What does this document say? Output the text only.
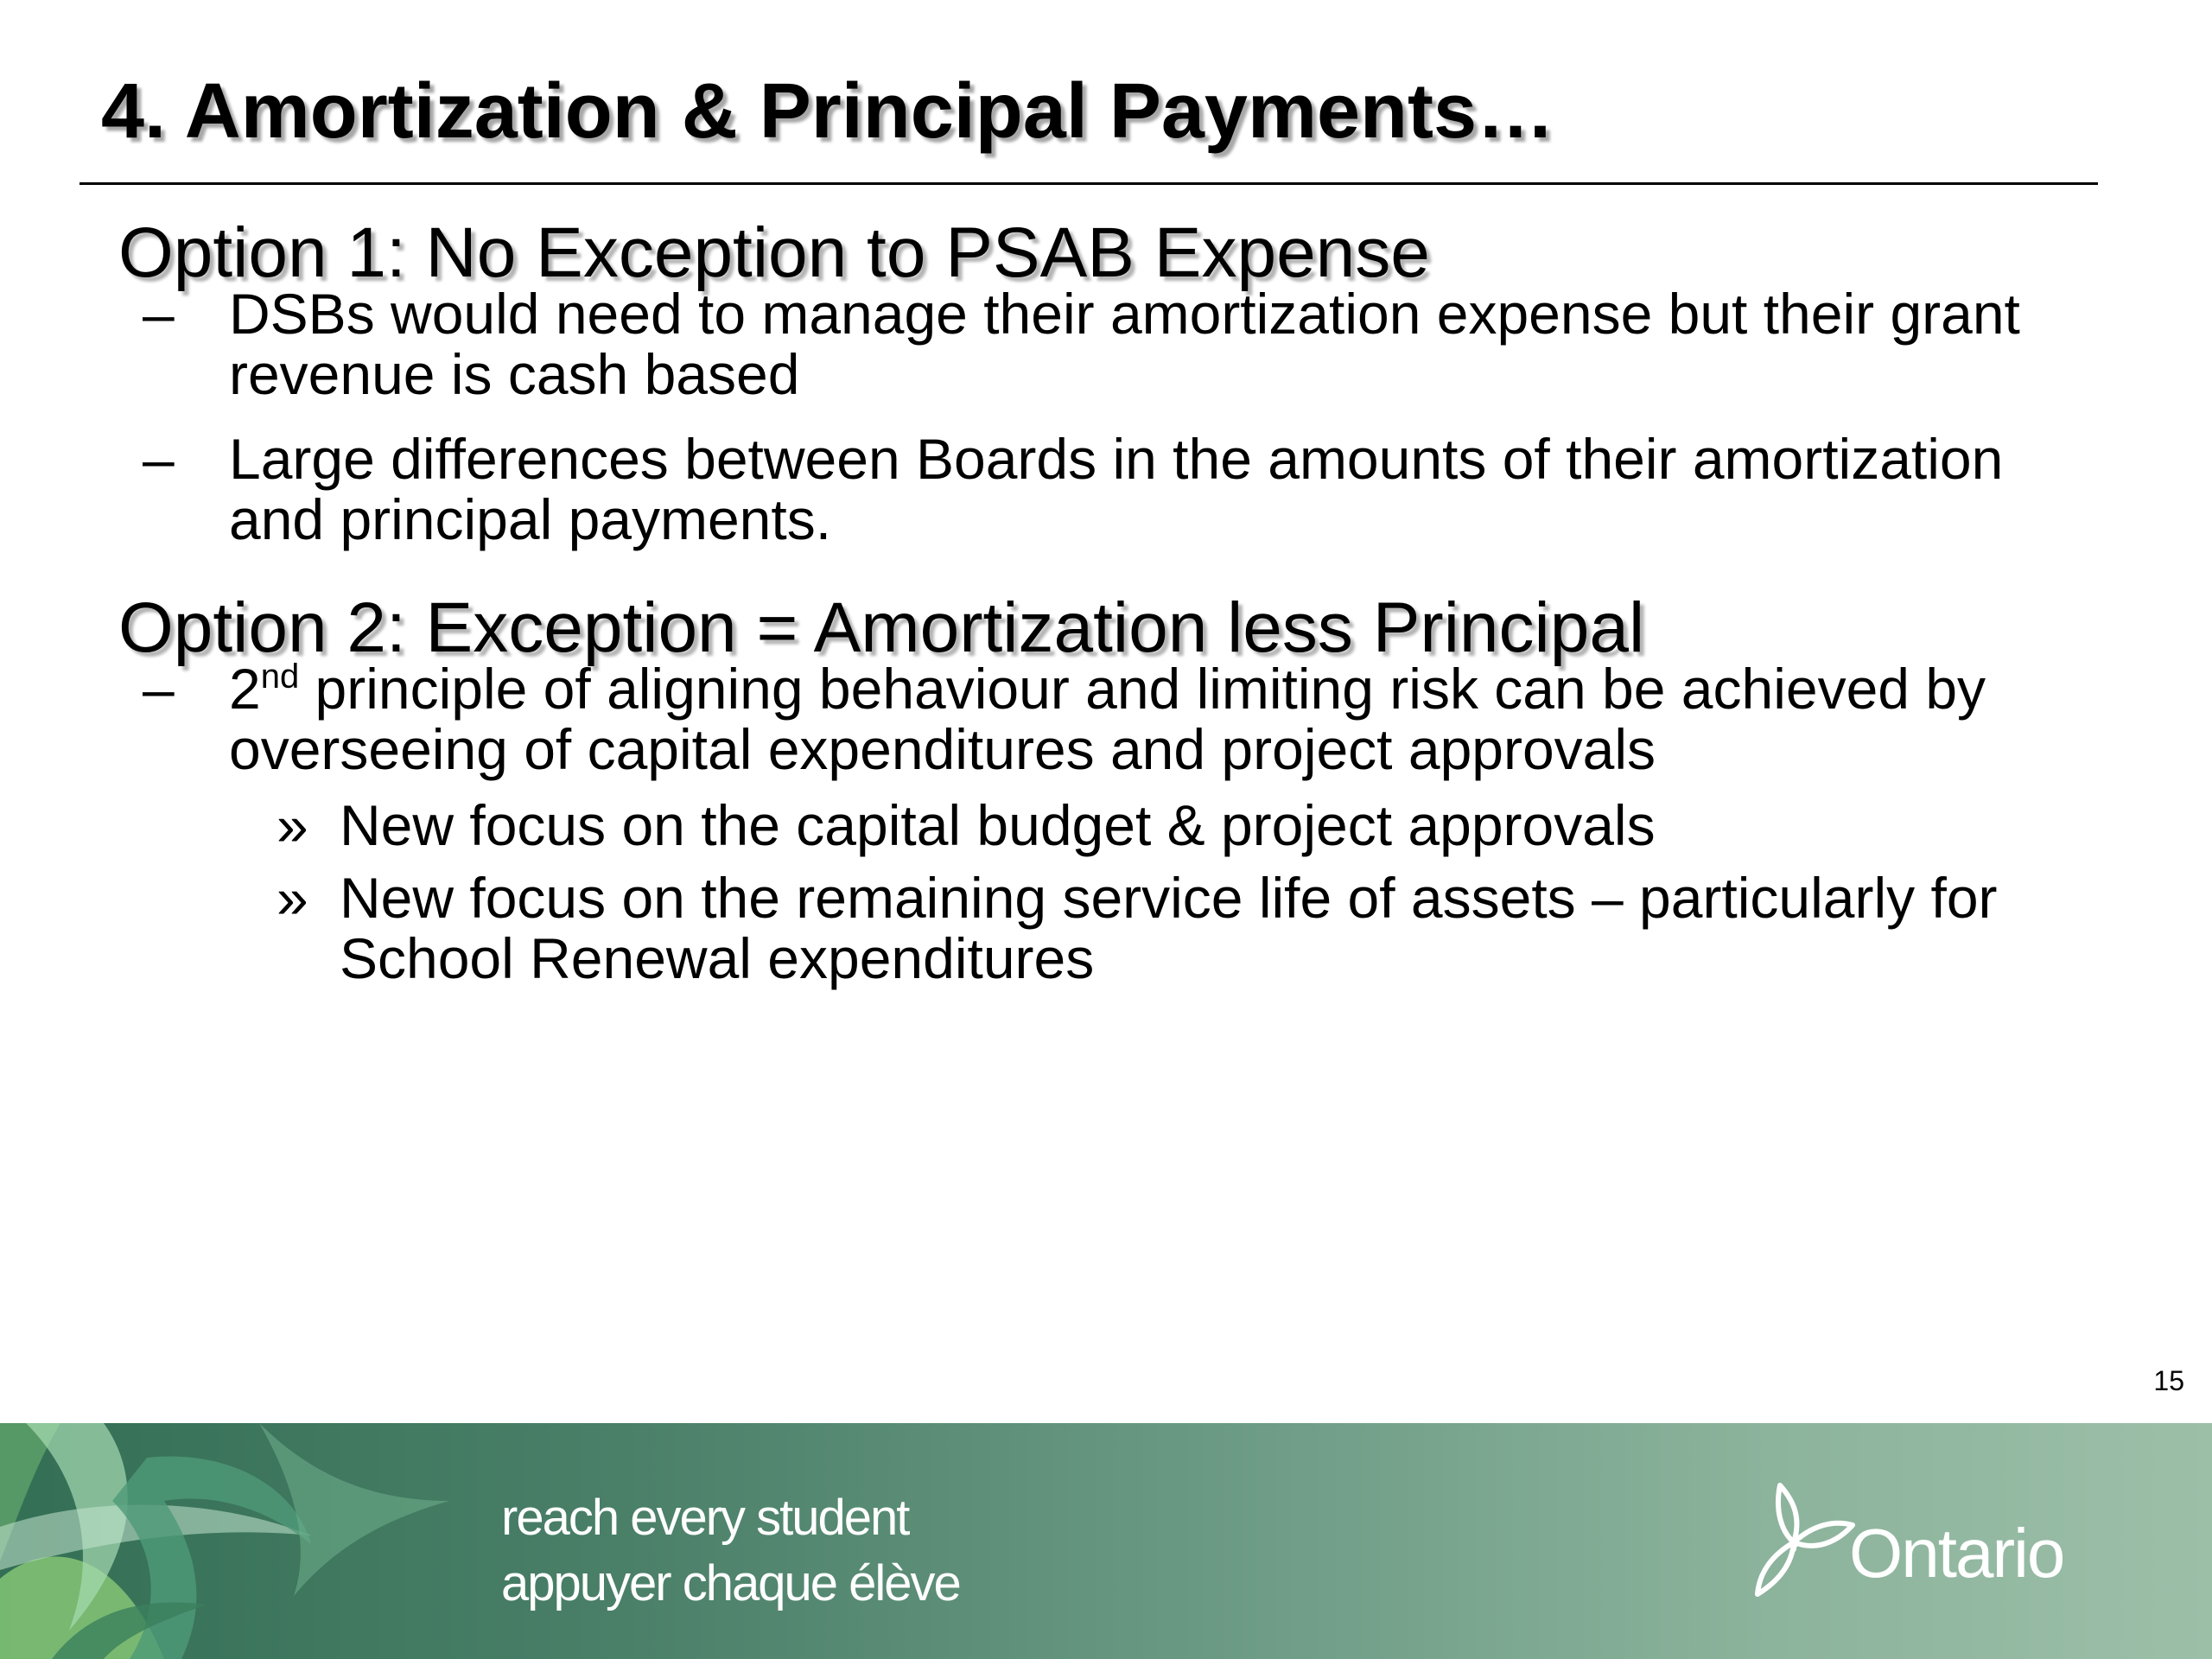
4. Amortization & Principal Payments…
Option 1: No Exception to PSAB Expense
– DSBs would need to manage their amortization expense but their grant revenue is cash based
– Large differences between Boards in the amounts of their amortization and principal payments.
Option 2: Exception = Amortization less Principal
– 2nd principle of aligning behaviour and limiting risk can be achieved by overseeing of capital expenditures and project approvals
» New focus on the capital budget & project approvals
» New focus on the remaining service life of assets – particularly for School Renewal expenditures
15
reach every student
appuyer chaque élève	Ontario
